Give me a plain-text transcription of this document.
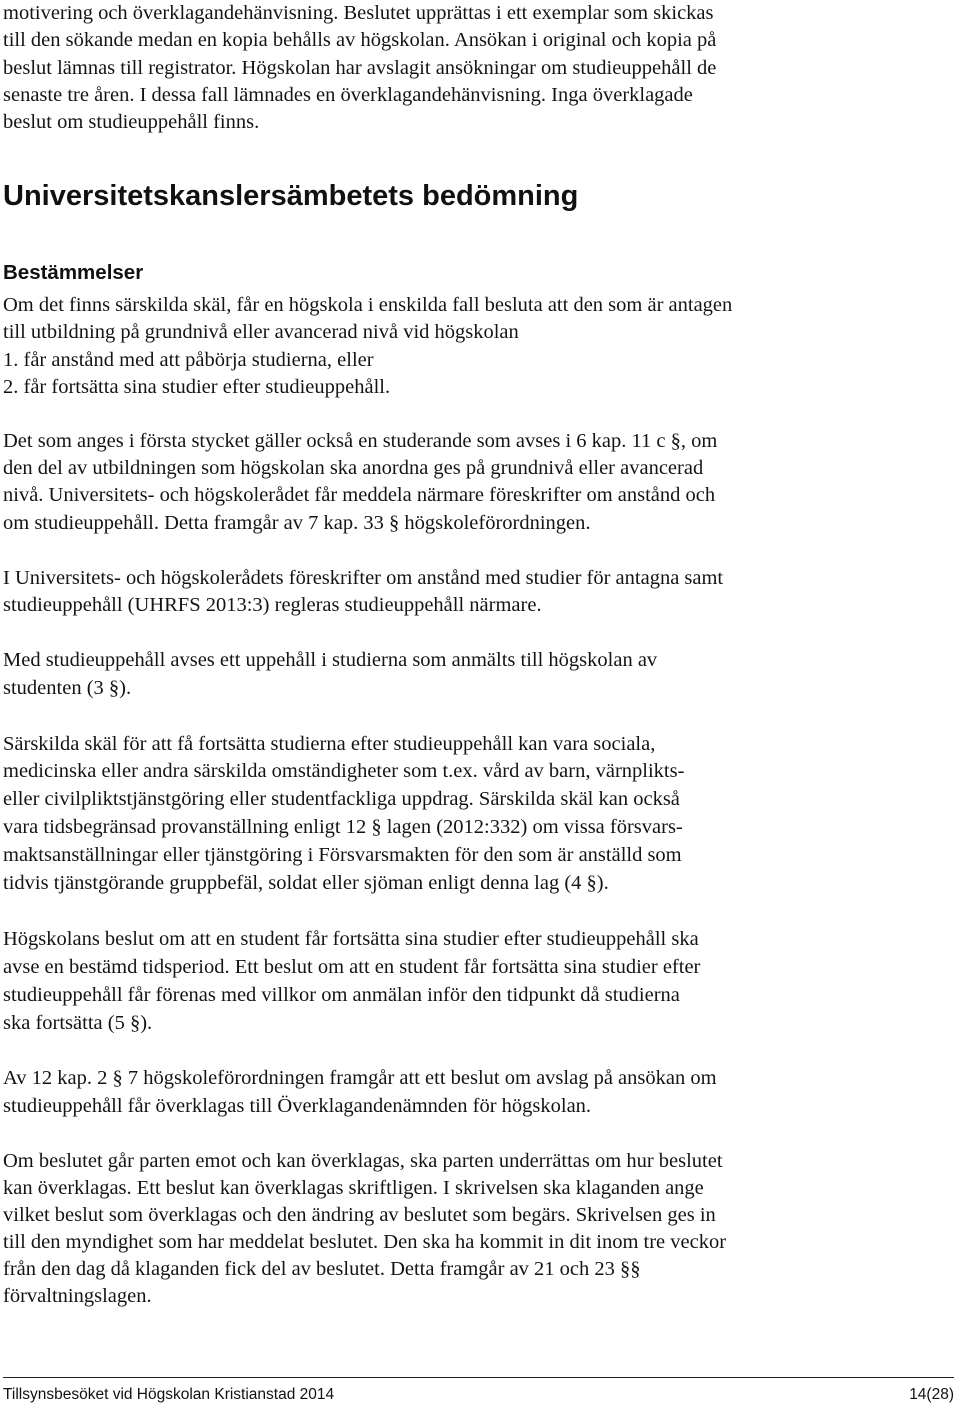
motivering och överklagandehänvisning. Beslutet upprättas i ett exemplar som skickas
till den sökande medan en kopia behålls av högskolan. Ansökan i original och kopia på
beslut lämnas till registrator. Högskolan har avslagit ansökningar om studieuppehåll de
senaste tre åren. I dessa fall lämnades en överklagandehänvisning. Inga överklagade
beslut om studieuppehåll finns.
Universitetskanslersämbetets bedömning
Bestämmelser
Om det finns särskilda skäl, får en högskola i enskilda fall besluta att den som är antagen
till utbildning på grundnivå eller avancerad nivå vid högskolan
1. får anstånd med att påbörja studierna, eller
2. får fortsätta sina studier efter studieuppehåll.
Det som anges i första stycket gäller också en studerande som avses i 6 kap. 11 c §, om
den del av utbildningen som högskolan ska anordna ges på grundnivå eller avancerad
nivå. Universitets- och högskolerådet får meddela närmare föreskrifter om anstånd och
om studieuppehåll. Detta framgår av 7 kap. 33 § högskoleförordningen.
I Universitets- och högskolerådets föreskrifter om anstånd med studier för antagna samt
studieuppehåll (UHRFS 2013:3) regleras studieuppehåll närmare.
Med studieuppehåll avses ett uppehåll i studierna som anmälts till högskolan av
studenten (3 §).
Särskilda skäl för att få fortsätta studierna efter studieuppehåll kan vara sociala,
medicinska eller andra särskilda omständigheter som t.ex. vård av barn, värnplikts-
eller civilpliktstjänstgöring eller studentfackliga uppdrag. Särskilda skäl kan också
vara tidsbegränsad provanställning enligt 12 § lagen (2012:332) om vissa försvars-
maktsanställningar eller tjänstgöring i Försvarsmakten för den som är anställd som
tidvis tjänstgörande gruppbefäl, soldat eller sjöman enligt denna lag (4 §).
Högskolans beslut om att en student får fortsätta sina studier efter studieuppehåll ska
avse en bestämd tidsperiod. Ett beslut om att en student får fortsätta sina studier efter
studieuppehåll får förenas med villkor om anmälan inför den tidpunkt då studierna
ska fortsätta (5 §).
Av 12 kap. 2 § 7 högskoleförordningen framgår att ett beslut om avslag på ansökan om
studieuppehåll får överklagas till Överklagandenämnden för högskolan.
Om beslutet går parten emot och kan överklagas, ska parten underrättas om hur beslutet
kan överklagas. Ett beslut kan överklagas skriftligen. I skrivelsen ska klaganden ange
vilket beslut som överklagas och den ändring av beslutet som begärs. Skrivelsen ges in
till den myndighet som har meddelat beslutet. Den ska ha kommit in dit inom tre veckor
från den dag då klaganden fick del av beslutet. Detta framgår av 21 och 23 §§
förvaltningslagen.
Tillsynsbesöket vid Högskolan Kristianstad 2014	14(28)
